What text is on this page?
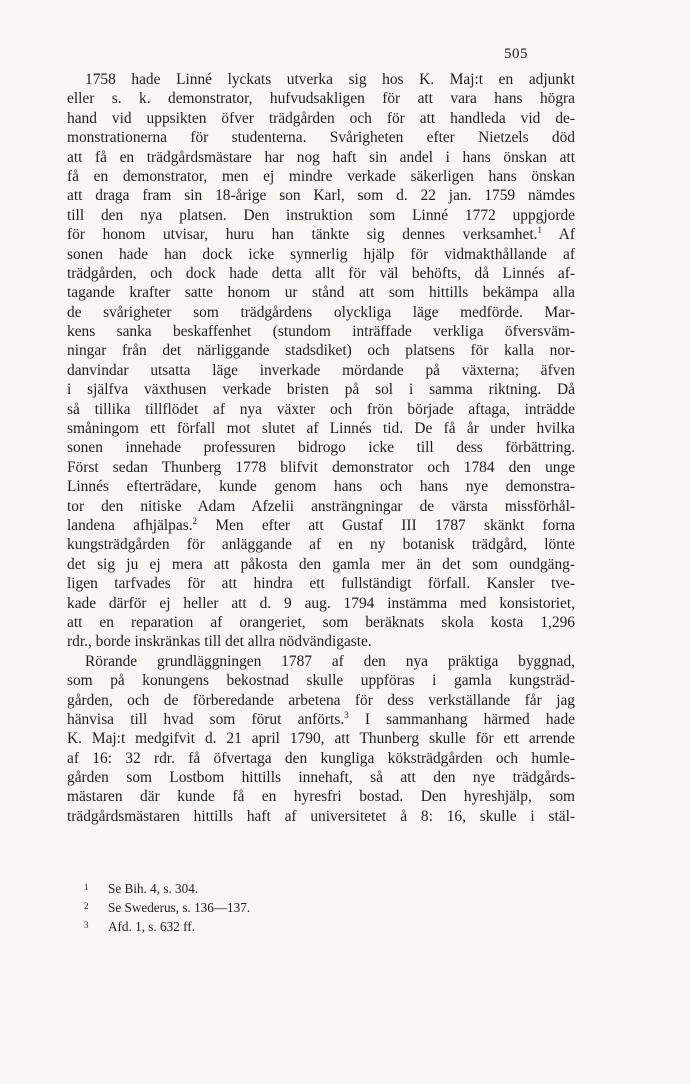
505
1758 hade Linné lyckats utverka sig hos K. Maj:t en adjunkt
eller s. k. demonstrator, hufvudsakligen för att vara hans högra
hand vid uppsikten öfver trädgården och för att handleda vid de-
monstrationerna för studenterna. Svårigheten efter Nietzels död
att få en trädgårdsmästare har nog haft sin andel i hans önskan att
få en demonstrator, men ej mindre verkade säkerligen hans önskan
att draga fram sin 18-årige son Karl, som d. 22 jan. 1759 nämdes
till den nya platsen. Den instruktion som Linné 1772 uppgjorde
för honom utvisar, huru han tänkte sig dennes verksamhet.$^1$ Af
sonen hade han dock icke synnerlig hjälp för vidmakthållande af
trädgården, och dock hade detta allt för väl behöfts, då Linnés af-
tagande krafter satte honom ur stånd att som hittills bekämpa alla
de svårigheter som trädgårdens olyckliga läge medförde. Mar-
kens sanka beskaffenhet (stundom inträffade verkliga öfversväm-
ningar från det närliggande stadsdiket) och platsens för kalla nor-
danvindar utsatta läge inverkade mördande på växterna; äfven
i själfva växthusen verkade bristen på sol i samma riktning. Då
så tillika tillflödet af nya växter och frön började aftaga, inträdde
småningom ett förfall mot slutet af Linnés tid. De få år under hvilka
sonen innehade professuren bidrogo icke till dess förbättring.
Först sedan Thunberg 1778 blifvit demonstrator och 1784 den unge
Linnés efterträdare, kunde genom hans och hans nye demonstra-
tor den nitiske Adam Afzelii ansträngningar de värsta missförhål-
landena afhjälpas.$^2$ Men efter att Gustaf III 1787 skänkt forna
kungsträdgården för anläggande af en ny botanisk trädgård, lönte
det sig ju ej mera att påkosta den gamla mer än det som oundgäng-
ligen tarfvades för att hindra ett fullständigt förfall. Kansler tve-
kade därför ej heller att d. 9 aug. 1794 instämma med konsistoriet,
att en reparation af orangeriet, som beräknats skola kosta 1,296
rdr., borde inskränkas till det allra nödvändigaste.
Rörande grundläggningen 1787 af den nya präktiga byggnad,
som på konungens bekostnad skulle uppföras i gamla kungsträd-
gården, och de förberedande arbetena för dess verkställande får jag
hänvisa till hvad som förut anförts.$^3$ I sammanhang härmed hade
K. Maj:t medgifvit d. 21 april 1790, att Thunberg skulle för ett arrende
af 16: 32 rdr. få öfvertaga den kungliga köksträdgården och humle-
gården som Lostbom hittills innehaft, så att den nye trädgårds-
mästaren där kunde få en hyresfri bostad. Den hyreshjälp, som
trädgårdsmästaren hittills haft af universitetet å 8: 16, skulle i stäl-
1 Se Bih. 4, s. 304.
2 Se Swederus, s. 136—137.
3 Afd. 1, s. 632 ff.
